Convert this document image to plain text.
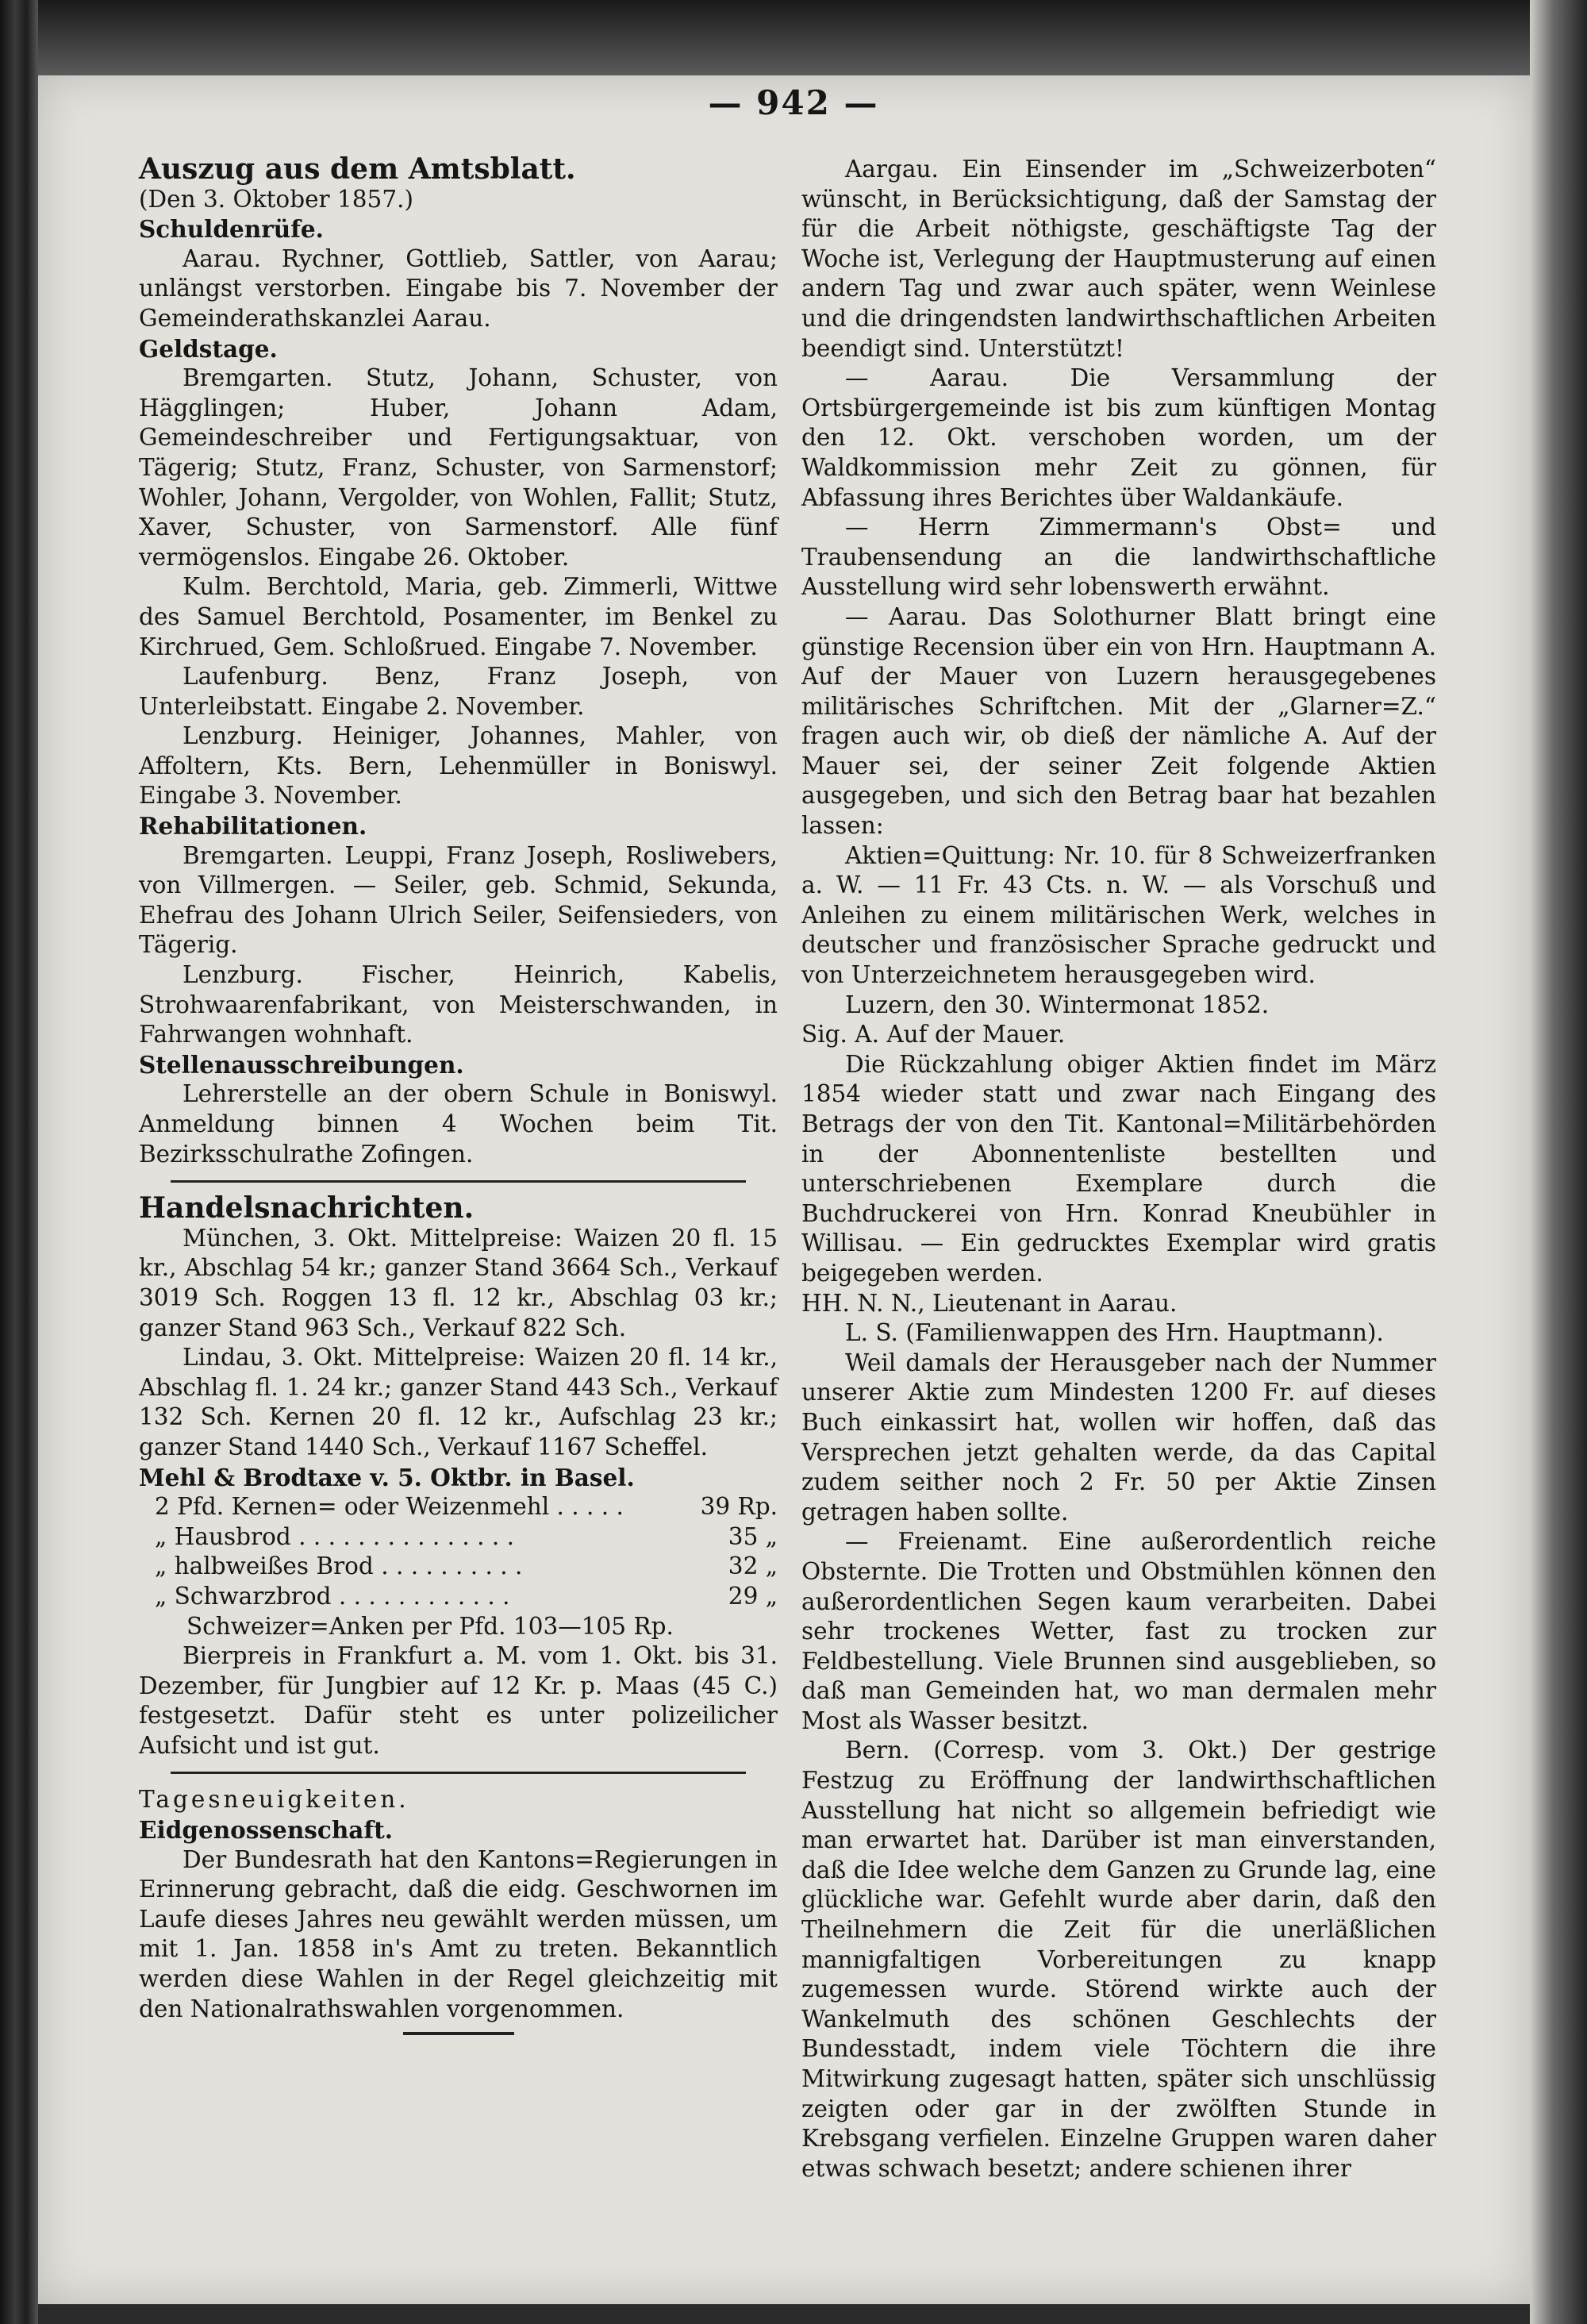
— 942 —

Auszug aus dem Amtsblatt.

(Den 3. Oktober 1857.)

Schuldenrüfe.

Aarau. Rychner, Gottlieb, Sattler, von Aarau; unlängst verstorben. Eingabe bis 7. November der Gemeinderathskanzlei Aarau.

Geldstage.

Bremgarten. Stutz, Johann, Schuster, von Hägglingen; Huber, Johann Adam, Gemeindeschreiber und Fertigungsaktuar, von Tägerig; Stutz, Franz, Schuster, von Sarmenstorf; Wohler, Johann, Vergolder, von Wohlen, Fallit; Stutz, Xaver, Schuster, von Sarmenstorf. Alle fünf vermögenslos. Eingabe 26. Oktober.

Kulm. Berchtold, Maria, geb. Zimmerli, Wittwe des Samuel Berchtold, Posamenter, im Benkel zu Kirchrued, Gem. Schloßrued. Eingabe 7. November.

Laufenburg. Benz, Franz Joseph, von Unterleibstatt. Eingabe 2. November.

Lenzburg. Heiniger, Johannes, Mahler, von Affoltern, Kts. Bern, Lehenmüller in Boniswyl. Eingabe 3. November.

Rehabilitationen.

Bremgarten. Leuppi, Franz Joseph, Rosliwebers, von Villmergen. — Seiler, geb. Schmid, Sekunda, Ehefrau des Johann Ulrich Seiler, Seifensieders, von Tägerig.

Lenzburg. Fischer, Heinrich, Kabelis, Strohwaarenfabrikant, von Meisterschwanden, in Fahrwangen wohnhaft.

Stellenausschreibungen.

Lehrerstelle an der obern Schule in Boniswyl. Anmeldung binnen 4 Wochen beim Tit. Bezirksschulrathe Zofingen.

Handelsnachrichten.

München, 3. Okt. Mittelpreise: Waizen 20 fl. 15 kr., Abschlag 54 kr.; ganzer Stand 3664 Sch., Verkauf 3019 Sch. Roggen 13 fl. 12 kr., Abschlag 03 kr.; ganzer Stand 963 Sch., Verkauf 822 Sch.

Lindau, 3. Okt. Mittelpreise: Waizen 20 fl. 14 kr., Abschlag fl. 1. 24 kr.; ganzer Stand 443 Sch., Verkauf 132 Sch. Kernen 20 fl. 12 kr., Aufschlag 23 kr.; ganzer Stand 1440 Sch., Verkauf 1167 Scheffel.

Mehl & Brodtaxe v. 5. Oktbr. in Basel.

2 Pfd. Kernen= oder Weizenmehl . . . . .	39 Rp.
„ Hausbrod . . . . . . . . . . . . . . .	35 „
„ halbweißes Brod . . . . . . . . . .	32 „
„ Schwarzbrod . . . . . . . . . . . .	29 „

Schweizer=Anken per Pfd. 103—105 Rp.

Bierpreis in Frankfurt a. M. vom 1. Okt. bis 31. Dezember, für Jungbier auf 12 Kr. p. Maas (45 C.) festgesetzt. Dafür steht es unter polizeilicher Aufsicht und ist gut.

Tagesneuigkeiten.

Eidgenossenschaft.

Der Bundesrath hat den Kantons=Regierungen in Erinnerung gebracht, daß die eidg. Geschwornen im Laufe dieses Jahres neu gewählt werden müssen, um mit 1. Jan. 1858 in's Amt zu treten. Bekanntlich werden diese Wahlen in der Regel gleichzeitig mit den Nationalrathswahlen vorgenommen.

Aargau. Ein Einsender im „Schweizerboten“ wünscht, in Berücksichtigung, daß der Samstag der für die Arbeit nöthigste, geschäftigste Tag der Woche ist, Verlegung der Hauptmusterung auf einen andern Tag und zwar auch später, wenn Weinlese und die dringendsten landwirthschaftlichen Arbeiten beendigt sind. Unterstützt!

— Aarau. Die Versammlung der Ortsbürgergemeinde ist bis zum künftigen Montag den 12. Okt. verschoben worden, um der Waldkommission mehr Zeit zu gönnen, für Abfassung ihres Berichtes über Waldankäufe.

— Herrn Zimmermann's Obst= und Traubensendung an die landwirthschaftliche Ausstellung wird sehr lobenswerth erwähnt.

— Aarau. Das Solothurner Blatt bringt eine günstige Recension über ein von Hrn. Hauptmann A. Auf der Mauer von Luzern herausgegebenes militärisches Schriftchen. Mit der „Glarner=Z.“ fragen auch wir, ob dieß der nämliche A. Auf der Mauer sei, der seiner Zeit folgende Aktien ausgegeben, und sich den Betrag baar hat bezahlen lassen:

Aktien=Quittung: Nr. 10. für 8 Schweizerfranken a. W. — 11 Fr. 43 Cts. n. W. — als Vorschuß und Anleihen zu einem militärischen Werk, welches in deutscher und französischer Sprache gedruckt und von Unterzeichnetem herausgegeben wird.

Luzern, den 30. Wintermonat 1852.

Sig. A. Auf der Mauer.

Die Rückzahlung obiger Aktien findet im März 1854 wieder statt und zwar nach Eingang des Betrags der von den Tit. Kantonal=Militärbehörden in der Abonnentenliste bestellten und unterschriebenen Exemplare durch die Buchdruckerei von Hrn. Konrad Kneubühler in Willisau. — Ein gedrucktes Exemplar wird gratis beigegeben werden.

HH. N. N., Lieutenant in Aarau.

L. S. (Familienwappen des Hrn. Hauptmann).

Weil damals der Herausgeber nach der Nummer unserer Aktie zum Mindesten 1200 Fr. auf dieses Buch einkassirt hat, wollen wir hoffen, daß das Versprechen jetzt gehalten werde, da das Capital zudem seither noch 2 Fr. 50 per Aktie Zinsen getragen haben sollte.

— Freienamt. Eine außerordentlich reiche Obsternte. Die Trotten und Obstmühlen können den außerordentlichen Segen kaum verarbeiten. Dabei sehr trockenes Wetter, fast zu trocken zur Feldbestellung. Viele Brunnen sind ausgeblieben, so daß man Gemeinden hat, wo man dermalen mehr Most als Wasser besitzt.

Bern. (Corresp. vom 3. Okt.) Der gestrige Festzug zu Eröffnung der landwirthschaftlichen Ausstellung hat nicht so allgemein befriedigt wie man erwartet hat. Darüber ist man einverstanden, daß die Idee welche dem Ganzen zu Grunde lag, eine glückliche war. Gefehlt wurde aber darin, daß den Theilnehmern die Zeit für die unerläßlichen mannigfaltigen Vorbereitungen zu knapp zugemessen wurde. Störend wirkte auch der Wankelmuth des schönen Geschlechts der Bundesstadt, indem viele Töchtern die ihre Mitwirkung zugesagt hatten, später sich unschlüssig zeigten oder gar in der zwölften Stunde in Krebsgang verfielen. Einzelne Gruppen waren daher etwas schwach besetzt; andere schienen ihrer
